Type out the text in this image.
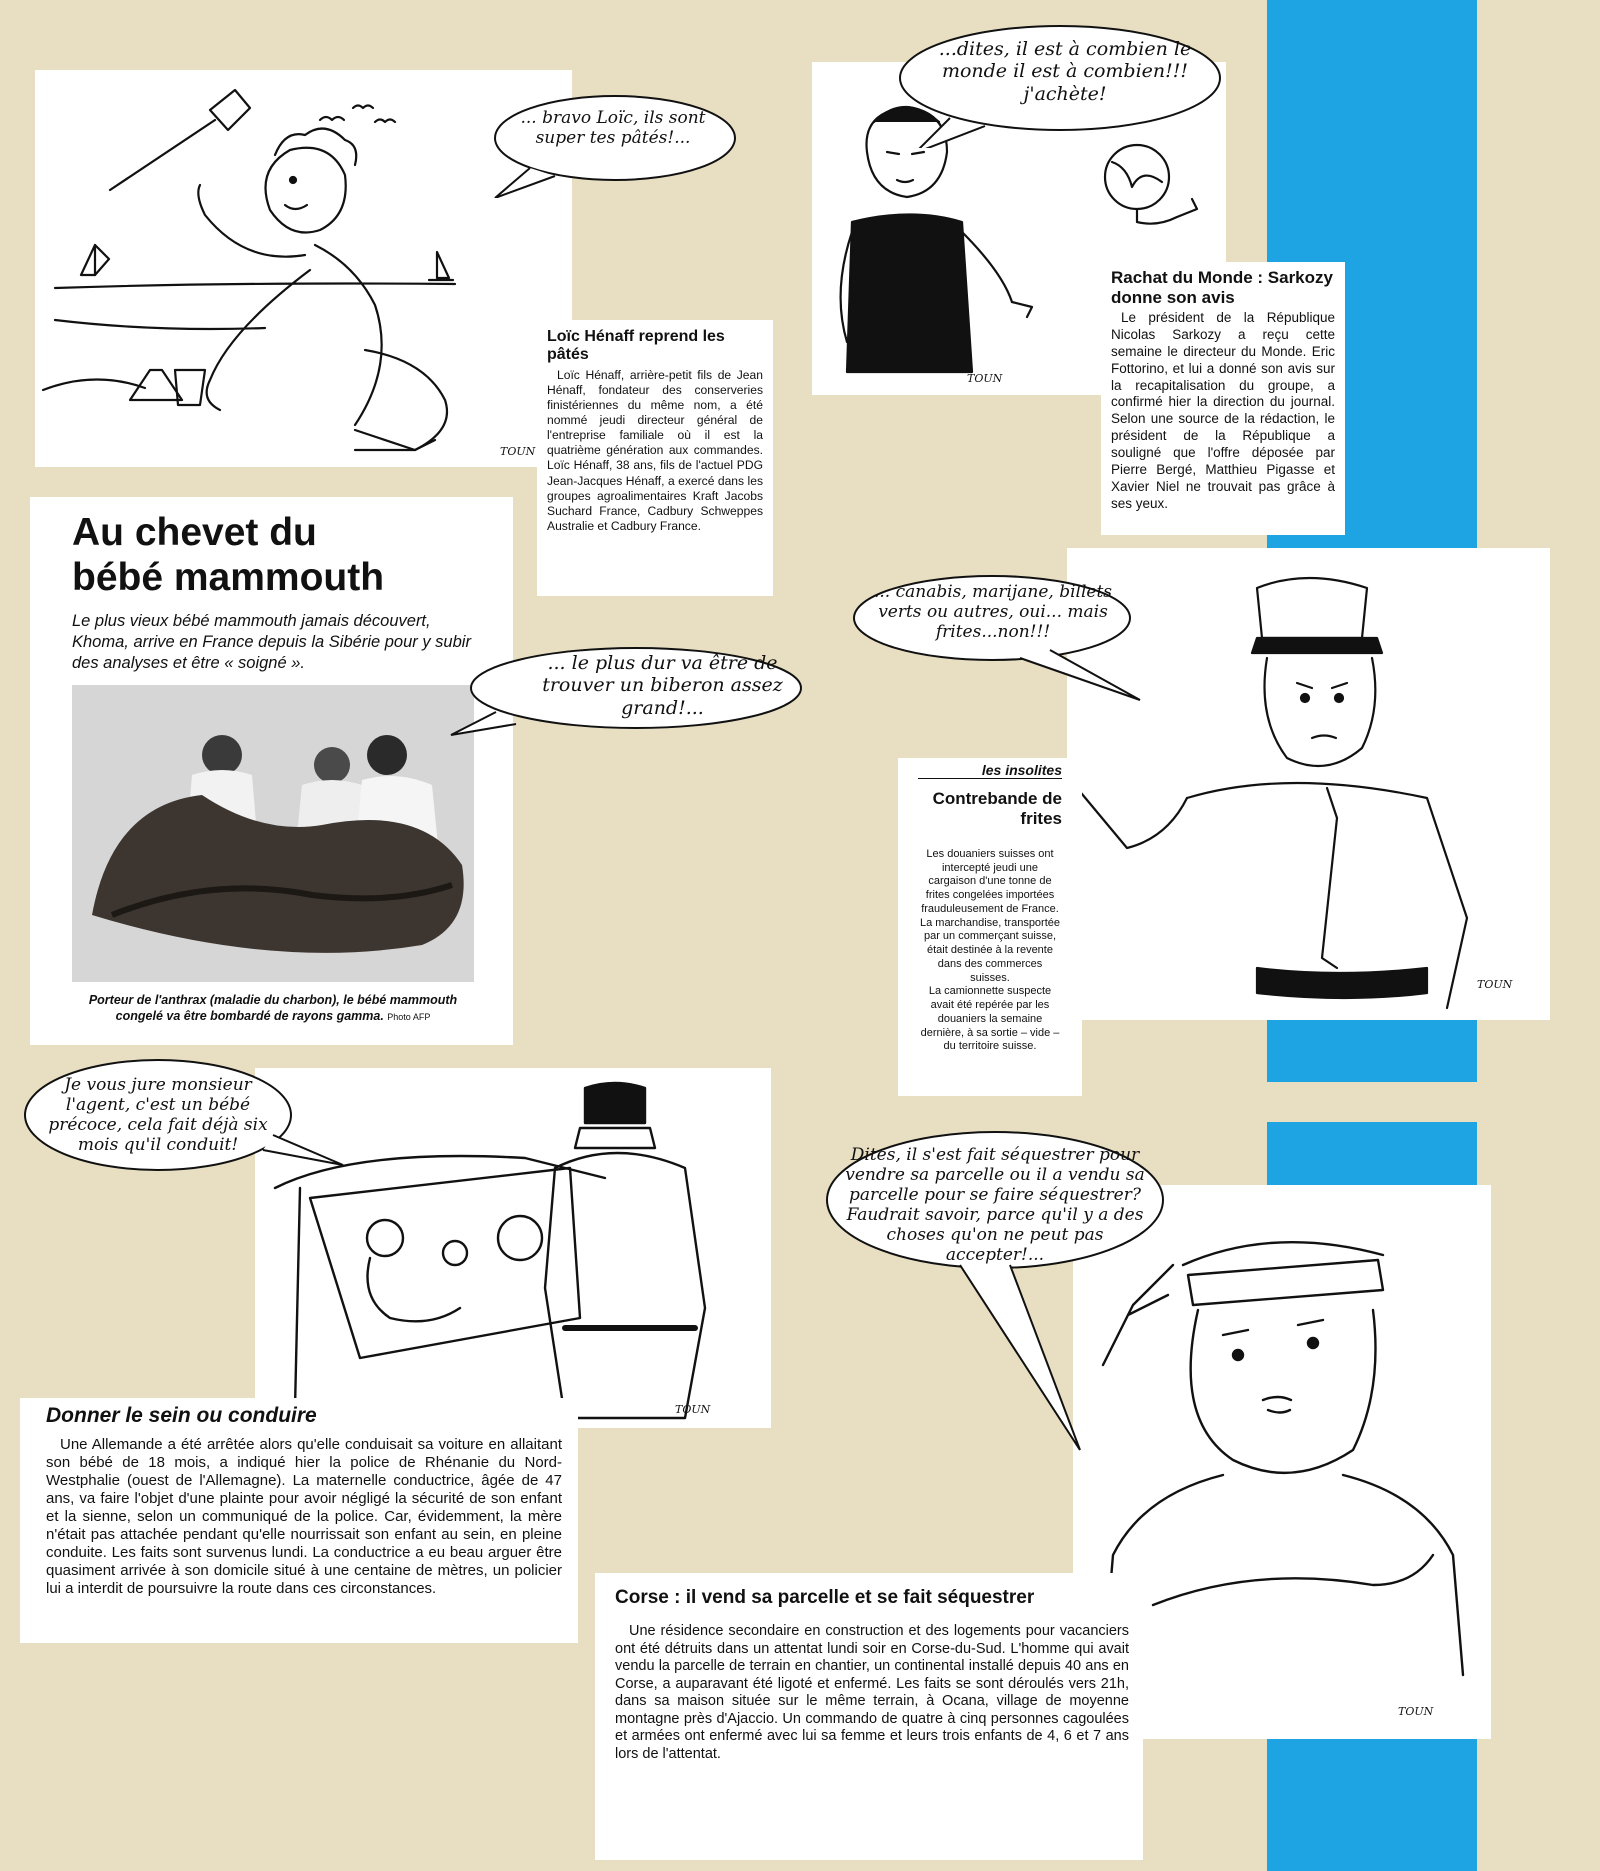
TOUN
... bravo Loïc, ils sont super tes pâtés!...
Loïc Hénaff reprend les pâtés

Loïc Hénaff, arrière-petit fils de Jean Hénaff, fondateur des conserveries finistériennes du même nom, a été nommé jeudi directeur général de l'entreprise familiale où il est la quatrième génération aux commandes. Loïc Hénaff, 38 ans, fils de l'actuel PDG Jean-Jacques Hénaff, a exercé dans les groupes agroalimentaires Kraft Jacobs Suchard France, Cadbury Schweppes Australie et Cadbury France.

TOUN
...dites, il est à combien le monde il est à combien!!! j'achète!
Rachat du Monde : Sarkozy donne son avis

Le président de la République Nicolas Sarkozy a reçu cette semaine le directeur du Monde. Eric Fottorino, et lui a donné son avis sur la recapitalisation du groupe, a confirmé hier la direction du journal. Selon une source de la rédaction, le président de la République a souligné que l'offre déposée par Pierre Bergé, Matthieu Pigasse et Xavier Niel ne trouvait pas grâce à ses yeux.

Au chevet du bébé mammouth

Le plus vieux bébé mammouth jamais découvert, Khoma, arrive en France depuis la Sibérie pour y subir des analyses et être « soigné ».

Porteur de l'anthrax (maladie du charbon), le bébé mammouth congelé va être bombardé de rayons gamma. Photo AFP

... le plus dur va être de trouver un biberon assez grand!...
TOUN
... canabis, marijane, billets verts ou autres, oui... mais frites...non!!!
les insolites
Contrebande de frites

Les douaniers suisses ont intercepté jeudi une cargaison d'une tonne de frites congelées importées frauduleusement de France.

La marchandise, transportée par un commerçant suisse, était destinée à la revente dans des commerces suisses.

La camionnette suspecte avait été repérée par les douaniers la semaine dernière, à sa sortie – vide – du territoire suisse.

TOUN
Je vous jure monsieur l'agent, c'est un bébé précoce, cela fait déjà six mois qu'il conduit!
Donner le sein ou conduire

Une Allemande a été arrêtée alors qu'elle conduisait sa voiture en allaitant son bébé de 18 mois, a indiqué hier la police de Rhénanie du Nord-Westphalie (ouest de l'Allemagne). La maternelle conductrice, âgée de 47 ans, va faire l'objet d'une plainte pour avoir négligé la sécurité de son enfant et la sienne, selon un communiqué de la police. Car, évidemment, la mère n'était pas attachée pendant qu'elle nourrissait son enfant au sein, en pleine conduite. Les faits sont survenus lundi. La conductrice a eu beau arguer être quasiment arrivée à son domicile situé à une centaine de mètres, un policier lui a interdit de poursuivre la route dans ces circonstances.

TOUN
Dites, il s'est fait séquestrer pour vendre sa parcelle ou il a vendu sa parcelle pour se faire séquestrer? Faudrait savoir, parce qu'il y a des choses qu'on ne peut pas accepter!...
Corse : il vend sa parcelle et se fait séquestrer

Une résidence secondaire en construction et des logements pour vacanciers ont été détruits dans un attentat lundi soir en Corse-du-Sud. L'homme qui avait vendu la parcelle de terrain en chantier, un continental installé depuis 40 ans en Corse, a auparavant été ligoté et enfermé. Les faits se sont déroulés vers 21h, dans sa maison située sur le même terrain, à Ocana, village de moyenne montagne près d'Ajaccio. Un commando de quatre à cinq personnes cagoulées et armées ont enfermé avec lui sa femme et leurs trois enfants de 4, 6 et 7 ans lors de l'attentat.
